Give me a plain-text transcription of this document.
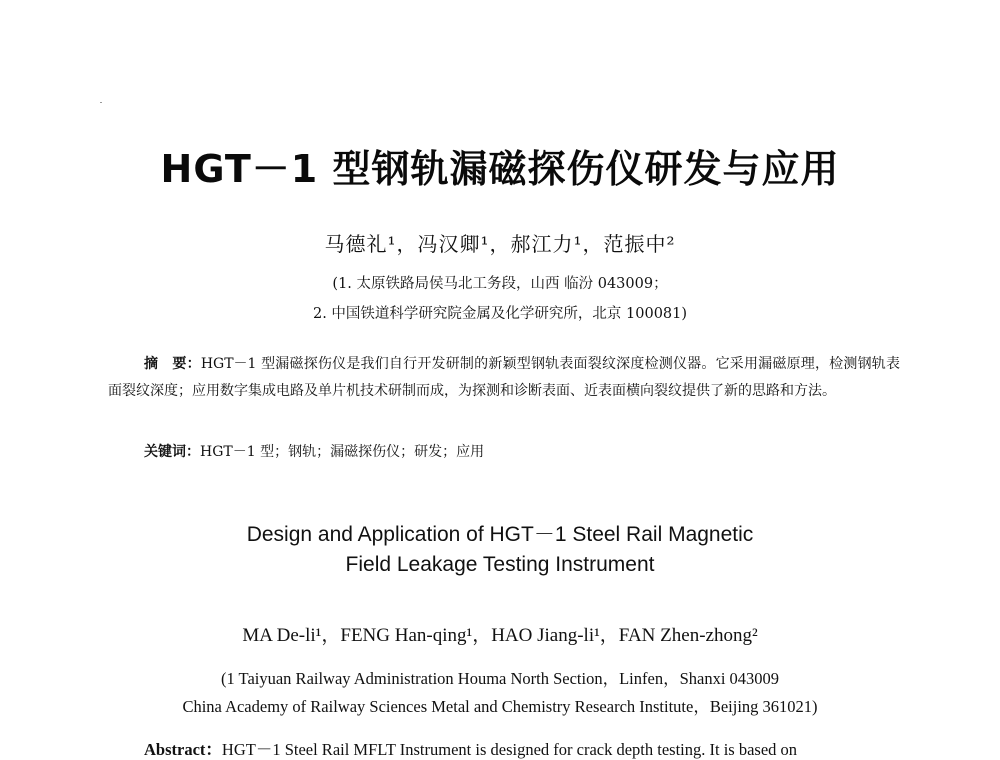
HGT－1 型钢轨漏磁探伤仪研发与应用
马德礼¹，冯汉卿¹，郝江力¹，范振中²
(1. 太原铁路局侯马北工务段，山西 临汾 043009；
2. 中国铁道科学研究院金属及化学研究所，北京 100081)
摘　要：HGT－1 型漏磁探伤仪是我们自行开发研制的新颖型钢轨表面裂纹深度检测仪器。它采用漏磁原理，检测钢轨表面裂纹深度；应用数字集成电路及单片机技术研制而成，为探测和诊断表面、近表面横向裂纹提供了新的思路和方法。
关键词：HGT－1 型；钢轨；漏磁探伤仪；研发；应用
Design and Application of HGT－1 Steel Rail Magnetic
Field Leakage Testing Instrument
MA De-li¹，FENG Han-qing¹，HAO Jiang-li¹，FAN Zhen-zhong²
(1 Taiyuan Railway Administration Houma North Section，Linfen，Shanxi 043009
China Academy of Railway Sciences Metal and Chemistry Research Institute，Beijing 361021)
Abstract：HGT－1 Steel Rail MFLT Instrument is designed for crack depth testing. It is based on
